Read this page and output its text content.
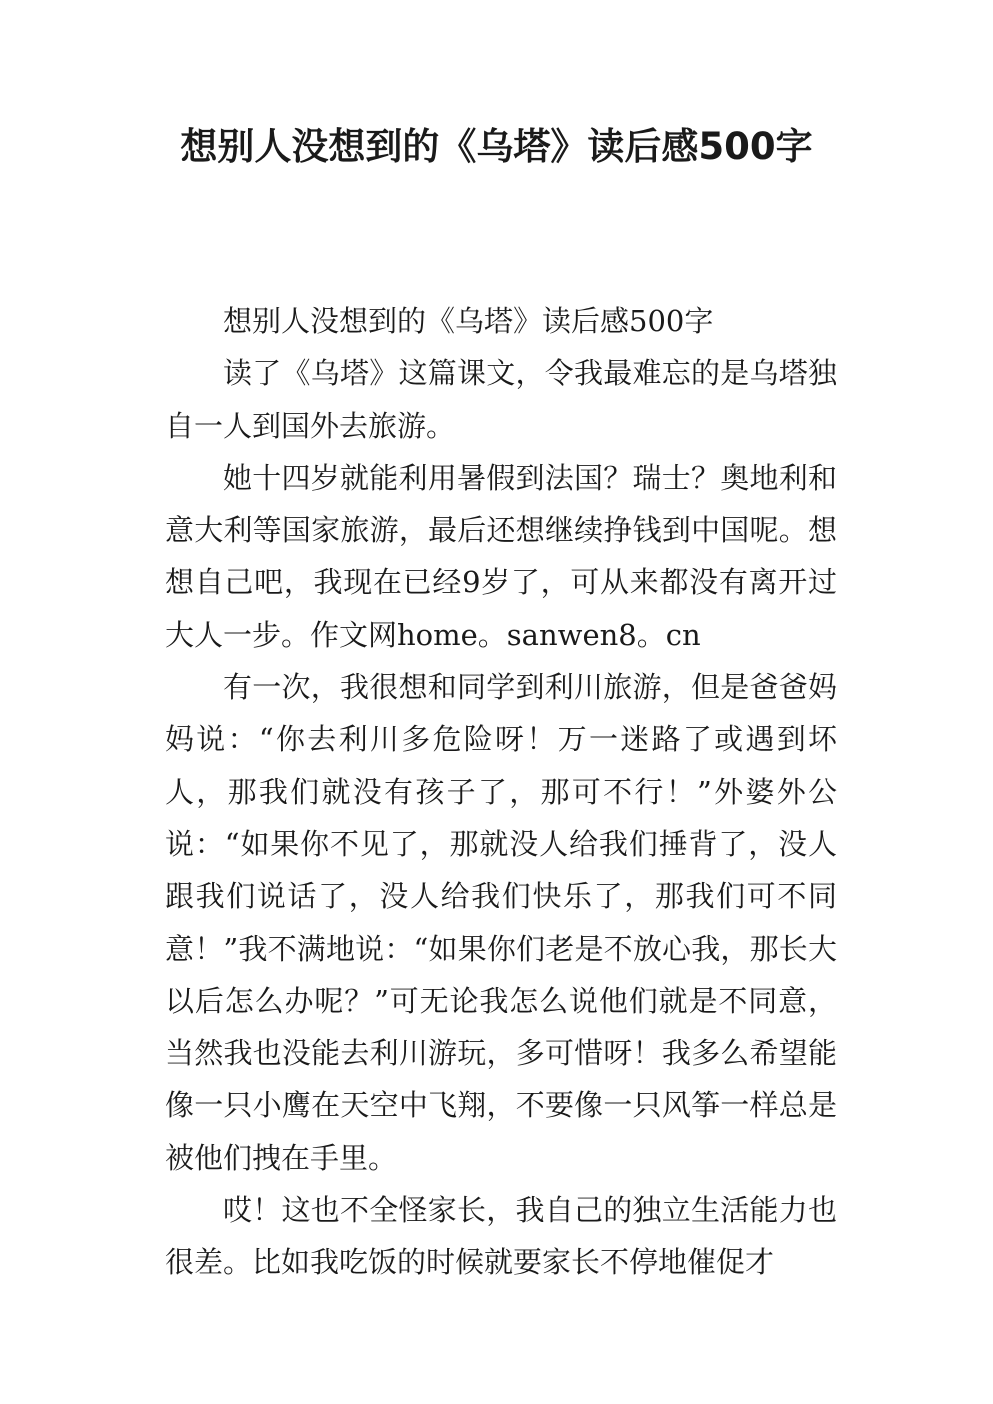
想别人没想到的《乌塔》读后感500字

想别人没想到的《乌塔》读后感500字

读了《乌塔》这篇课文，令我最难忘的是乌塔独自一人到国外去旅游。

她十四岁就能利用暑假到法国？瑞士？奥地利和意大利等国家旅游，最后还想继续挣钱到中国呢。想想自己吧，我现在已经9岁了，可从来都没有离开过大人一步。作文网home。sanwen8。cn

有一次，我很想和同学到利川旅游，但是爸爸妈妈说：“你去利川多危险呀！万一迷路了或遇到坏人，那我们就没有孩子了，那可不行！”外婆外公说：“如果你不见了，那就没人给我们捶背了，没人跟我们说话了，没人给我们快乐了，那我们可不同意！”我不满地说：“如果你们老是不放心我，那长大以后怎么办呢？”可无论我怎么说他们就是不同意，当然我也没能去利川游玩，多可惜呀！我多么希望能像一只小鹰在天空中飞翔，不要像一只风筝一样总是被他们拽在手里。

哎！这也不全怪家长，我自己的独立生活能力也很差。比如我吃饭的时候就要家长不停地催促才
